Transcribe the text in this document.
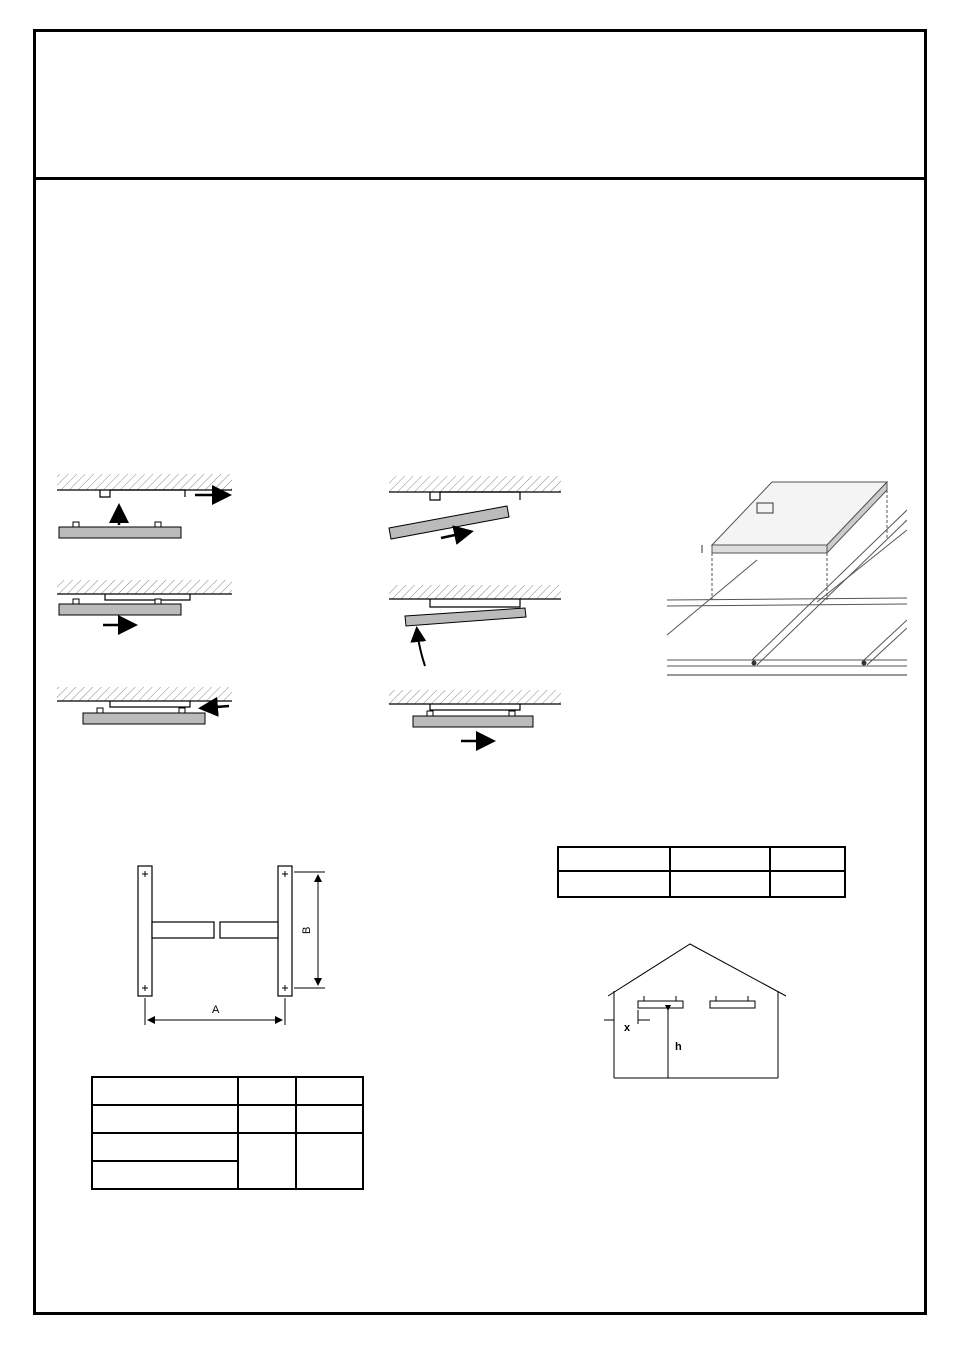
A
B

x
h
